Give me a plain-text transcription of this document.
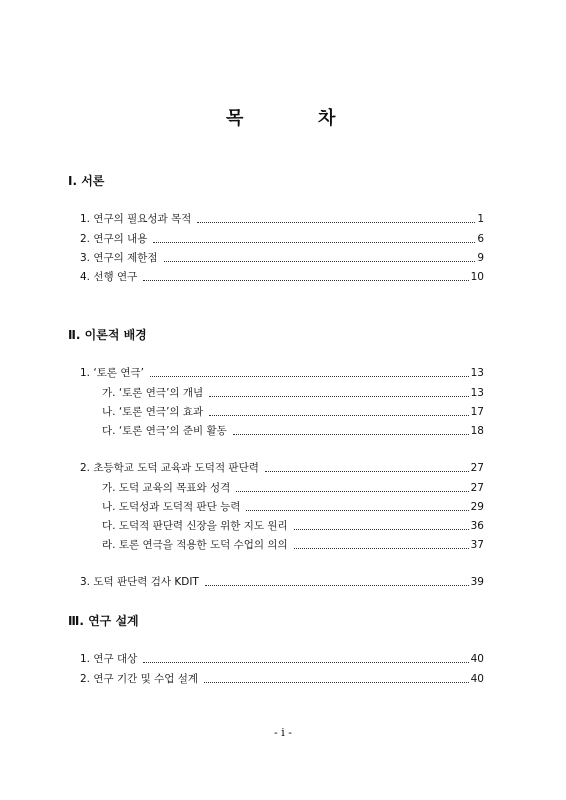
목	차
Ⅰ. 서론
1. 연구의 필요성과 목적	1
2. 연구의 내용	6
3. 연구의 제한점	9
4. 선행 연구	10
Ⅱ. 이론적 배경
1. ‘토론 연극’	13
가. ‘토론 연극’의 개념	13
나. ‘토론 연극’의 효과	17
다. ‘토론 연극’의 준비 활동	18
2. 초등학교 도덕 교육과 도덕적 판단력	27
가. 도덕 교육의 목표와 성격	27
나. 도덕성과 도덕적 판단 능력	29
다. 도덕적 판단력 신장을 위한 지도 원리	36
라. 토론 연극을 적용한 도덕 수업의 의의	37
3. 도덕 판단력 검사 KDIT	39
Ⅲ. 연구 설계
1. 연구 대상	40
2. 연구 기간 및 수업 설계	40
- i -
